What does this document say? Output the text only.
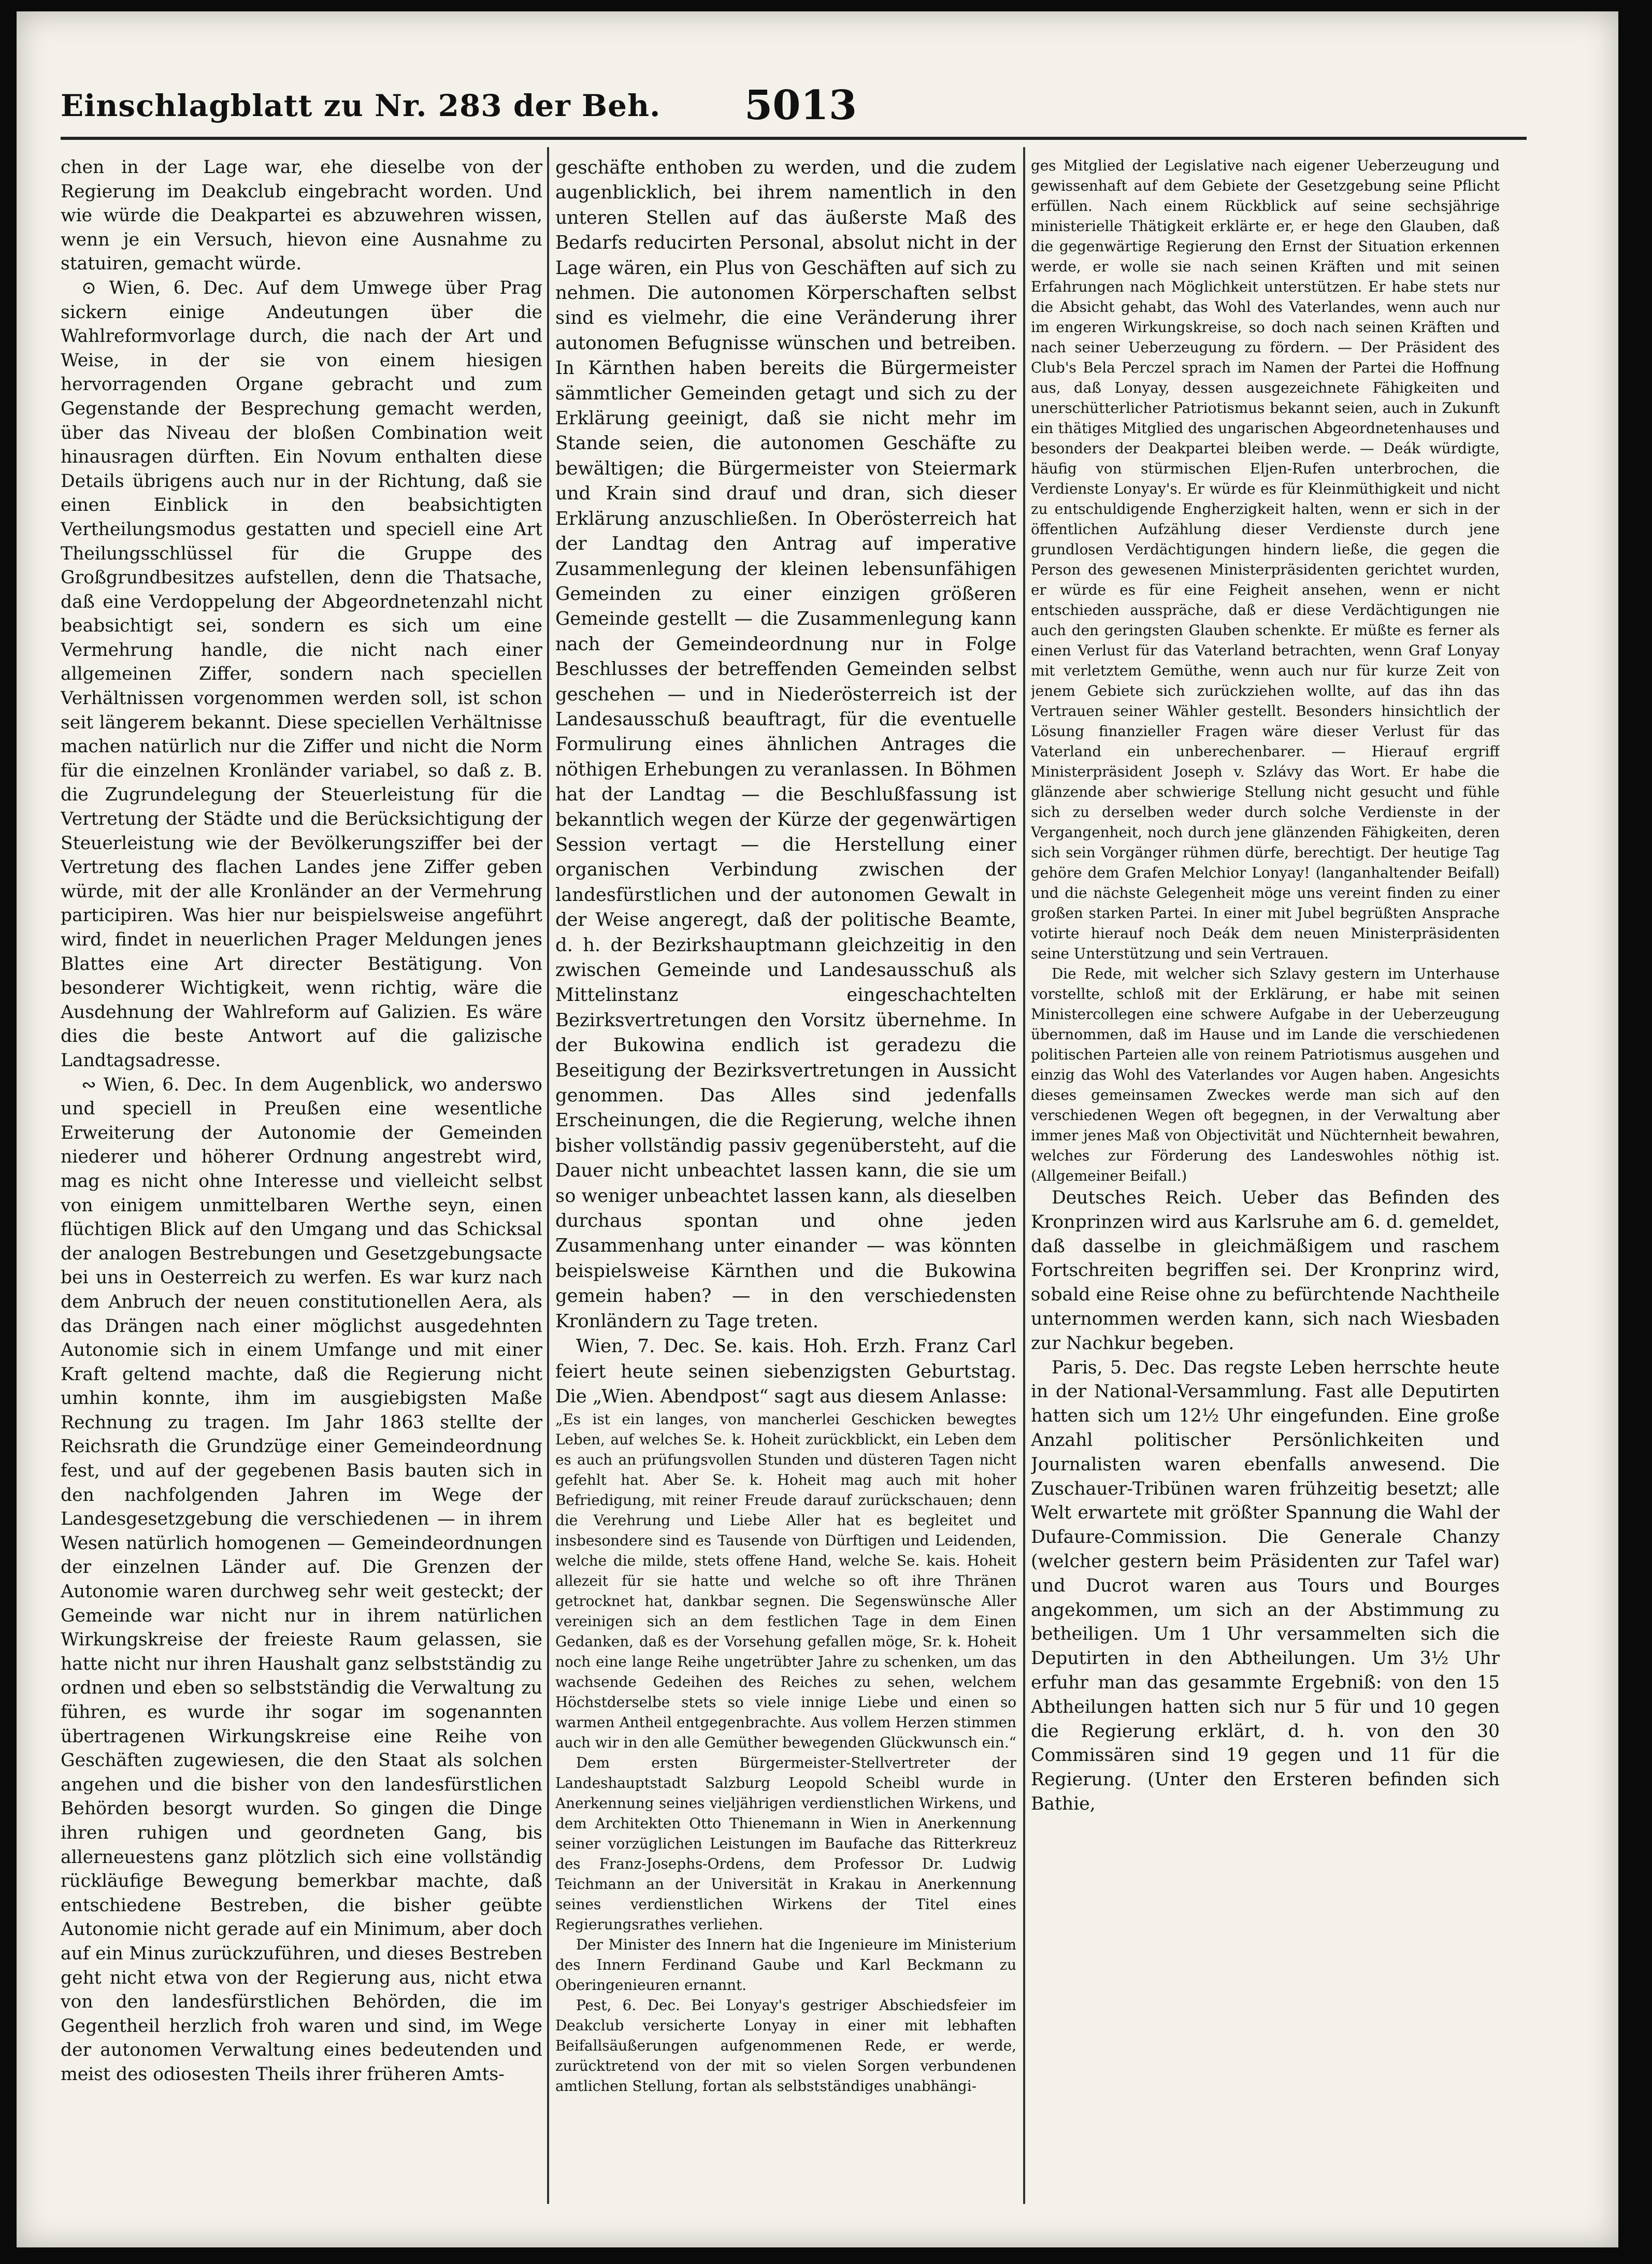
Einschlagblatt zu Nr. 283 der Beh. 5013

chen in der Lage war, ehe dieselbe von der Regierung im Deakclub eingebracht worden. Und wie würde die Deakpartei es abzuwehren wissen, wenn je ein Versuch, hievon eine Ausnahme zu statuiren, gemacht würde.

⊙ Wien, 6. Dec. Auf dem Umwege über Prag sickern einige Andeutungen über die Wahlreformvorlage durch, die nach der Art und Weise, in der sie von einem hiesigen hervorragenden Organe gebracht und zum Gegenstande der Besprechung gemacht werden, über das Niveau der bloßen Combination weit hinausragen dürften. Ein Novum enthalten diese Details übrigens auch nur in der Richtung, daß sie einen Einblick in den beabsichtigten Vertheilungsmodus gestatten und speciell eine Art Theilungsschlüssel für die Gruppe des Großgrundbesitzes aufstellen, denn die Thatsache, daß eine Verdoppelung der Abgeordnetenzahl nicht beabsichtigt sei, sondern es sich um eine Vermehrung handle, die nicht nach einer allgemeinen Ziffer, sondern nach speciellen Verhältnissen vorgenommen werden soll, ist schon seit längerem bekannt. Diese speciellen Verhältnisse machen natürlich nur die Ziffer und nicht die Norm für die einzelnen Kronländer variabel, so daß z. B. die Zugrundelegung der Steuerleistung für die Vertretung der Städte und die Berücksichtigung der Steuerleistung wie der Bevölkerungsziffer bei der Vertretung des flachen Landes jene Ziffer geben würde, mit der alle Kronländer an der Vermehrung participiren. Was hier nur beispielsweise angeführt wird, findet in neuerlichen Prager Meldungen jenes Blattes eine Art directer Bestätigung. Von besonderer Wichtigkeit, wenn richtig, wäre die Ausdehnung der Wahlreform auf Galizien. Es wäre dies die beste Antwort auf die galizische Landtagsadresse.

∾ Wien, 6. Dec. In dem Augenblick, wo anderswo und speciell in Preußen eine wesentliche Erweiterung der Autonomie der Gemeinden niederer und höherer Ordnung angestrebt wird, mag es nicht ohne Interesse und vielleicht selbst von einigem unmittelbaren Werthe seyn, einen flüchtigen Blick auf den Umgang und das Schicksal der analogen Bestrebungen und Gesetzgebungsacte bei uns in Oesterreich zu werfen. Es war kurz nach dem Anbruch der neuen constitutionellen Aera, als das Drängen nach einer möglichst ausgedehnten Autonomie sich in einem Umfange und mit einer Kraft geltend machte, daß die Regierung nicht umhin konnte, ihm im ausgiebigsten Maße Rechnung zu tragen. Im Jahr 1863 stellte der Reichsrath die Grundzüge einer Gemeindeordnung fest, und auf der gegebenen Basis bauten sich in den nachfolgenden Jahren im Wege der Landesgesetzgebung die verschiedenen — in ihrem Wesen natürlich homogenen — Gemeindeordnungen der einzelnen Länder auf. Die Grenzen der Autonomie waren durchweg sehr weit gesteckt; der Gemeinde war nicht nur in ihrem natürlichen Wirkungskreise der freieste Raum gelassen, sie hatte nicht nur ihren Haushalt ganz selbstständig zu ordnen und eben so selbstständig die Verwaltung zu führen, es wurde ihr sogar im sogenannten übertragenen Wirkungskreise eine Reihe von Geschäften zugewiesen, die den Staat als solchen angehen und die bisher von den landesfürstlichen Behörden besorgt wurden. So gingen die Dinge ihren ruhigen und geordneten Gang, bis allerneuestens ganz plötzlich sich eine vollständig rückläufige Bewegung bemerkbar machte, daß entschiedene Bestreben, die bisher geübte Autonomie nicht gerade auf ein Minimum, aber doch auf ein Minus zurückzuführen, und dieses Bestreben geht nicht etwa von der Regierung aus, nicht etwa von den landesfürstlichen Behörden, die im Gegentheil herzlich froh waren und sind, im Wege der autonomen Verwaltung eines bedeutenden und meist des odiosesten Theils ihrer früheren Amts-

geschäfte enthoben zu werden, und die zudem augenblicklich, bei ihrem namentlich in den unteren Stellen auf das äußerste Maß des Bedarfs reducirten Personal, absolut nicht in der Lage wären, ein Plus von Geschäften auf sich zu nehmen. Die autonomen Körperschaften selbst sind es vielmehr, die eine Veränderung ihrer autonomen Befugnisse wünschen und betreiben. In Kärnthen haben bereits die Bürgermeister sämmtlicher Gemeinden getagt und sich zu der Erklärung geeinigt, daß sie nicht mehr im Stande seien, die autonomen Geschäfte zu bewältigen; die Bürgermeister von Steiermark und Krain sind drauf und dran, sich dieser Erklärung anzuschließen. In Oberösterreich hat der Landtag den Antrag auf imperative Zusammenlegung der kleinen lebensunfähigen Gemeinden zu einer einzigen größeren Gemeinde gestellt — die Zusammenlegung kann nach der Gemeindeordnung nur in Folge Beschlusses der betreffenden Gemeinden selbst geschehen — und in Niederösterreich ist der Landesausschuß beauftragt, für die eventuelle Formulirung eines ähnlichen Antrages die nöthigen Erhebungen zu veranlassen. In Böhmen hat der Landtag — die Beschlußfassung ist bekanntlich wegen der Kürze der gegenwärtigen Session vertagt — die Herstellung einer organischen Verbindung zwischen der landesfürstlichen und der autonomen Gewalt in der Weise angeregt, daß der politische Beamte, d. h. der Bezirkshauptmann gleichzeitig in den zwischen Gemeinde und Landesausschuß als Mittelinstanz eingeschachtelten Bezirksvertretungen den Vorsitz übernehme. In der Bukowina endlich ist geradezu die Beseitigung der Bezirksvertretungen in Aussicht genommen. Das Alles sind jedenfalls Erscheinungen, die die Regierung, welche ihnen bisher vollständig passiv gegenübersteht, auf die Dauer nicht unbeachtet lassen kann, die sie um so weniger unbeachtet lassen kann, als dieselben durchaus spontan und ohne jeden Zusammenhang unter einander — was könnten beispielsweise Kärnthen und die Bukowina gemein haben? — in den verschiedensten Kronländern zu Tage treten.

Wien, 7. Dec. Se. kais. Hoh. Erzh. Franz Carl feiert heute seinen siebenzigsten Geburtstag. Die „Wien. Abendpost“ sagt aus diesem Anlasse:

„Es ist ein langes, von mancherlei Geschicken bewegtes Leben, auf welches Se. k. Hoheit zurückblickt, ein Leben dem es auch an prüfungsvollen Stunden und düsteren Tagen nicht gefehlt hat. Aber Se. k. Hoheit mag auch mit hoher Befriedigung, mit reiner Freude darauf zurückschauen; denn die Verehrung und Liebe Aller hat es begleitet und insbesondere sind es Tausende von Dürftigen und Leidenden, welche die milde, stets offene Hand, welche Se. kais. Hoheit allezeit für sie hatte und welche so oft ihre Thränen getrocknet hat, dankbar segnen. Die Segenswünsche Aller vereinigen sich an dem festlichen Tage in dem Einen Gedanken, daß es der Vorsehung gefallen möge, Sr. k. Hoheit noch eine lange Reihe ungetrübter Jahre zu schenken, um das wachsende Gedeihen des Reiches zu sehen, welchem Höchstderselbe stets so viele innige Liebe und einen so warmen Antheil entgegenbrachte. Aus vollem Herzen stimmen auch wir in den alle Gemüther bewegenden Glückwunsch ein.“

Dem ersten Bürgermeister-Stellvertreter der Landeshauptstadt Salzburg Leopold Scheibl wurde in Anerkennung seines vieljährigen verdienstlichen Wirkens, und dem Architekten Otto Thienemann in Wien in Anerkennung seiner vorzüglichen Leistungen im Baufache das Ritterkreuz des Franz-Josephs-Ordens, dem Professor Dr. Ludwig Teichmann an der Universität in Krakau in Anerkennung seines verdienstlichen Wirkens der Titel eines Regierungsrathes verliehen.

Der Minister des Innern hat die Ingenieure im Ministerium des Innern Ferdinand Gaube und Karl Beckmann zu Oberingenieuren ernannt.

Pest, 6. Dec. Bei Lonyay's gestriger Abschiedsfeier im Deakclub versicherte Lonyay in einer mit lebhaften Beifallsäußerungen aufgenommenen Rede, er werde, zurücktretend von der mit so vielen Sorgen verbundenen amtlichen Stellung, fortan als selbstständiges unabhängi-

ges Mitglied der Legislative nach eigener Ueberzeugung und gewissenhaft auf dem Gebiete der Gesetzgebung seine Pflicht erfüllen. Nach einem Rückblick auf seine sechsjährige ministerielle Thätigkeit erklärte er, er hege den Glauben, daß die gegenwärtige Regierung den Ernst der Situation erkennen werde, er wolle sie nach seinen Kräften und mit seinen Erfahrungen nach Möglichkeit unterstützen. Er habe stets nur die Absicht gehabt, das Wohl des Vaterlandes, wenn auch nur im engeren Wirkungskreise, so doch nach seinen Kräften und nach seiner Ueberzeugung zu fördern. — Der Präsident des Club's Bela Perczel sprach im Namen der Partei die Hoffnung aus, daß Lonyay, dessen ausgezeichnete Fähigkeiten und unerschütterlicher Patriotismus bekannt seien, auch in Zukunft ein thätiges Mitglied des ungarischen Abgeordnetenhauses und besonders der Deakpartei bleiben werde. — Deák würdigte, häufig von stürmischen Eljen-Rufen unterbrochen, die Verdienste Lonyay's. Er würde es für Kleinmüthigkeit und nicht zu entschuldigende Engherzigkeit halten, wenn er sich in der öffentlichen Aufzählung dieser Verdienste durch jene grundlosen Verdächtigungen hindern ließe, die gegen die Person des gewesenen Ministerpräsidenten gerichtet wurden, er würde es für eine Feigheit ansehen, wenn er nicht entschieden ausspräche, daß er diese Verdächtigungen nie auch den geringsten Glauben schenkte. Er müßte es ferner als einen Verlust für das Vaterland betrachten, wenn Graf Lonyay mit verletztem Gemüthe, wenn auch nur für kurze Zeit von jenem Gebiete sich zurückziehen wollte, auf das ihn das Vertrauen seiner Wähler gestellt. Besonders hinsichtlich der Lösung finanzieller Fragen wäre dieser Verlust für das Vaterland ein unberechenbarer. — Hierauf ergriff Ministerpräsident Joseph v. Szlávy das Wort. Er habe die glänzende aber schwierige Stellung nicht gesucht und fühle sich zu derselben weder durch solche Verdienste in der Vergangenheit, noch durch jene glänzenden Fähigkeiten, deren sich sein Vorgänger rühmen dürfe, berechtigt. Der heutige Tag gehöre dem Grafen Melchior Lonyay! (langanhaltender Beifall) und die nächste Gelegenheit möge uns vereint finden zu einer großen starken Partei. In einer mit Jubel begrüßten Ansprache votirte hierauf noch Deák dem neuen Ministerpräsidenten seine Unterstützung und sein Vertrauen.

Die Rede, mit welcher sich Szlavy gestern im Unterhause vorstellte, schloß mit der Erklärung, er habe mit seinen Ministercollegen eine schwere Aufgabe in der Ueberzeugung übernommen, daß im Hause und im Lande die verschiedenen politischen Parteien alle von reinem Patriotismus ausgehen und einzig das Wohl des Vaterlandes vor Augen haben. Angesichts dieses gemeinsamen Zweckes werde man sich auf den verschiedenen Wegen oft begegnen, in der Verwaltung aber immer jenes Maß von Objectivität und Nüchternheit bewahren, welches zur Förderung des Landeswohles nöthig ist. (Allgemeiner Beifall.)

Deutsches Reich. Ueber das Befinden des Kronprinzen wird aus Karlsruhe am 6. d. gemeldet, daß dasselbe in gleichmäßigem und raschem Fortschreiten begriffen sei. Der Kronprinz wird, sobald eine Reise ohne zu befürchtende Nachtheile unternommen werden kann, sich nach Wiesbaden zur Nachkur begeben.

Paris, 5. Dec. Das regste Leben herrschte heute in der National-Versammlung. Fast alle Deputirten hatten sich um 12½ Uhr eingefunden. Eine große Anzahl politischer Persönlichkeiten und Journalisten waren ebenfalls anwesend. Die Zuschauer-Tribünen waren frühzeitig besetzt; alle Welt erwartete mit größter Spannung die Wahl der Dufaure-Commission. Die Generale Chanzy (welcher gestern beim Präsidenten zur Tafel war) und Ducrot waren aus Tours und Bourges angekommen, um sich an der Abstimmung zu betheiligen. Um 1 Uhr versammelten sich die Deputirten in den Abtheilungen. Um 3½ Uhr erfuhr man das gesammte Ergebniß: von den 15 Abtheilungen hatten sich nur 5 für und 10 gegen die Regierung erklärt, d. h. von den 30 Commissären sind 19 gegen und 11 für die Regierung. (Unter den Ersteren befinden sich Bathie,
